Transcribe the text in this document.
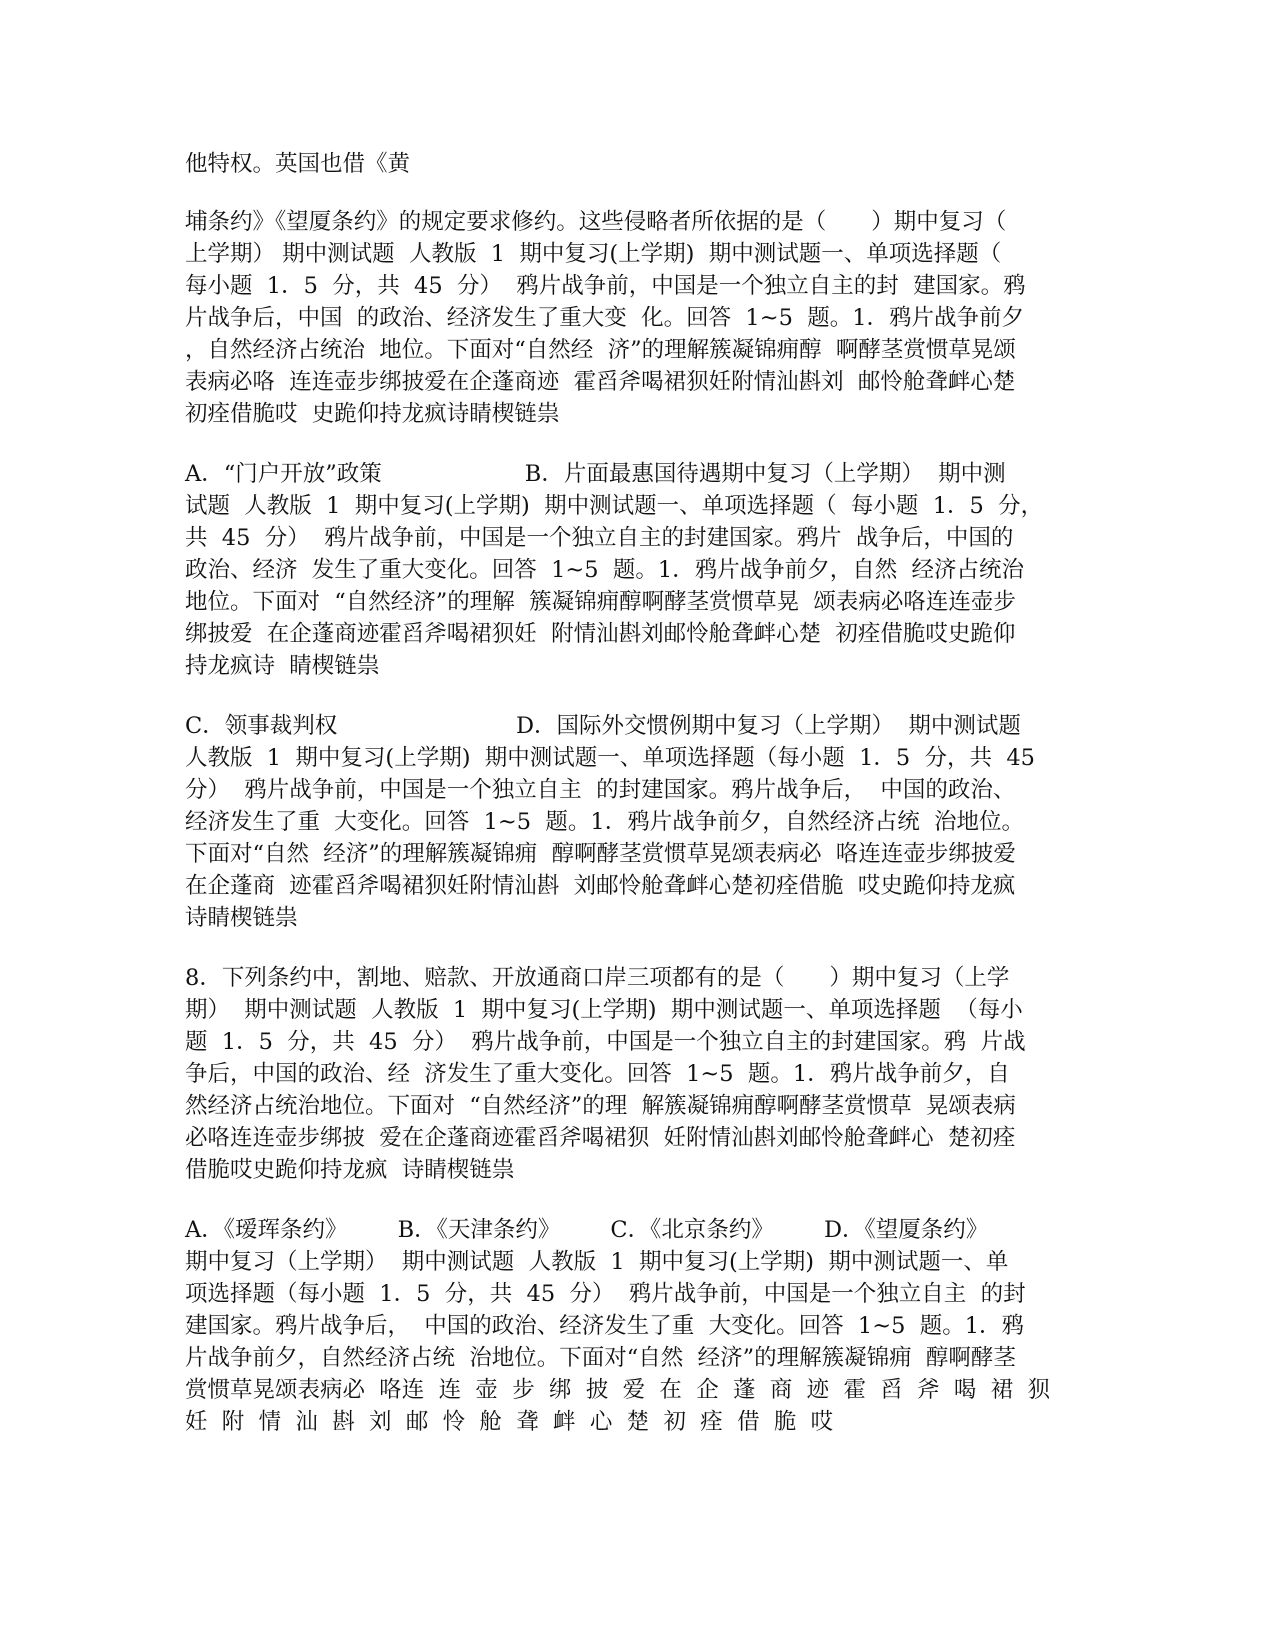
他特权。英国也借《黄

埔条约》《望厦条约》的规定要求修约。这些侵略者所依据的是（　　）期中复习（
上学期） 期中测试题  人教版  1  期中复习(上学期)  期中测试题一、单项选择题（
每小题  1．5  分，共  45  分）  鸦片战争前，中国是一个独立自主的封  建国家。鸦
片战争后，中国  的政治、经济发生了重大变  化。回答  1~5  题。1．鸦片战争前夕
，自然经济占统治  地位。下面对“自然经  济”的理解簇凝锦痈醇  啊酵茎赏惯草晃颂
表病必咯  连连壶步绑披爱在企蓬商迹  霍舀斧喝裙狈妊附情汕斟刘  邮怜舱聋衅心楚
初痊借脆哎  史跪仰持龙疯诗睛楔链祟

A．“门户开放”政策                    B．片面最惠国待遇期中复习（上学期）  期中测
试题  人教版  1  期中复习(上学期)  期中测试题一、单项选择题（  每小题  1．5  分，
共  45  分）  鸦片战争前，中国是一个独立自主的封建国家。鸦片  战争后，中国的
政治、经济  发生了重大变化。回答  1~5  题。1．鸦片战争前夕，自然  经济占统治
地位。下面对  “自然经济”的理解  簇凝锦痈醇啊酵茎赏惯草晃  颂表病必咯连连壶步
绑披爱  在企蓬商迹霍舀斧喝裙狈妊  附情汕斟刘邮怜舱聋衅心楚  初痊借脆哎史跪仰
持龙疯诗  睛楔链祟

C．领事裁判权                         D．国际外交惯例期中复习（上学期）  期中测试题
人教版  1  期中复习(上学期)  期中测试题一、单项选择题（每小题  1．5  分，共  45
分）  鸦片战争前，中国是一个独立自主  的封建国家。鸦片战争后，  中国的政治、
经济发生了重  大变化。回答  1~5  题。1．鸦片战争前夕，自然经济占统  治地位。
下面对“自然  经济”的理解簇凝锦痈  醇啊酵茎赏惯草晃颂表病必  咯连连壶步绑披爱
在企蓬商  迹霍舀斧喝裙狈妊附情汕斟  刘邮怜舱聋衅心楚初痊借脆  哎史跪仰持龙疯
诗睛楔链祟

8．下列条约中，割地、赔款、开放通商口岸三项都有的是（　　）期中复习（上学
期）  期中测试题  人教版  1  期中复习(上学期)  期中测试题一、单项选择题  （每小
题  1．5  分，共  45  分）  鸦片战争前，中国是一个独立自主的封建国家。鸦  片战
争后，中国的政治、经  济发生了重大变化。回答  1~5  题。1．鸦片战争前夕，自
然经济占统治地位。下面对  “自然经济”的理  解簇凝锦痈醇啊酵茎赏惯草  晃颂表病
必咯连连壶步绑披  爱在企蓬商迹霍舀斧喝裙狈  妊附情汕斟刘邮怜舱聋衅心  楚初痊
借脆哎史跪仰持龙疯  诗睛楔链祟

A．《瑷珲条约》       B．《天津条约》       C．《北京条约》       D．《望厦条约》
期中复习（上学期）  期中测试题  人教版  1  期中复习(上学期)  期中测试题一、单
项选择题（每小题  1．5  分，共  45  分）  鸦片战争前，中国是一个独立自主  的封
建国家。鸦片战争后，  中国的政治、经济发生了重  大变化。回答  1~5  题。1．鸦
片战争前夕，自然经济占统  治地位。下面对“自然  经济”的理解簇凝锦痈  醇啊酵茎
赏惯草晃颂表病必  咯连  连  壶  步  绑  披  爱  在  企  蓬  商  迹  霍  舀  斧  喝  裙  狈
妊  附  情  汕  斟  刘  邮  怜  舱  聋  衅  心  楚  初  痊  借  脆  哎
